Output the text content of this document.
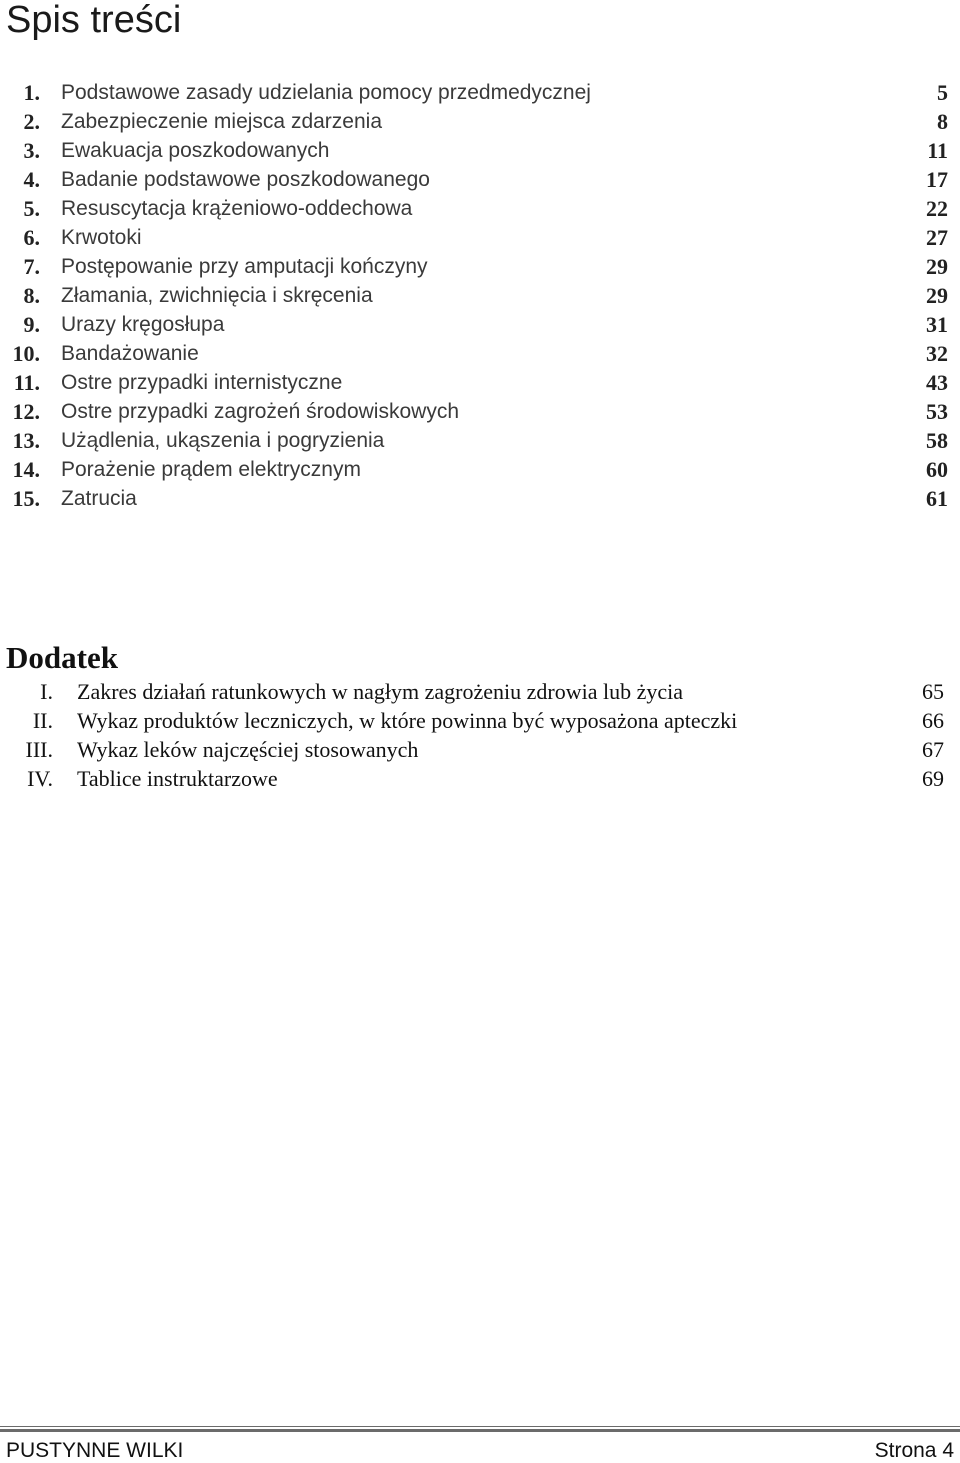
Spis treści
1. Podstawowe zasady udzielania pomocy przedmedycznej	5
2. Zabezpieczenie miejsca zdarzenia	8
3. Ewakuacja poszkodowanych	11
4. Badanie podstawowe poszkodowanego	17
5. Resuscytacja krążeniowo-oddechowa	22
6. Krwotoki	27
7. Postępowanie przy amputacji kończyny	29
8. Złamania, zwichnięcia i skręcenia	29
9. Urazy kręgosłupa	31
10. Bandażowanie	32
11. Ostre przypadki internistyczne	43
12. Ostre przypadki zagrożeń środowiskowych	53
13. Użądlenia, ukąszenia i pogryzienia	58
14. Porażenie prądem elektrycznym	60
15. Zatrucia	61
Dodatek
I. Zakres działań ratunkowych w nagłym zagrożeniu zdrowia lub życia	65
II. Wykaz produktów leczniczych, w które powinna być wyposażona apteczki	66
III. Wykaz leków najczęściej stosowanych	67
IV. Tablice instruktarzowe	69
PUSTYNNE WILKI	Strona 4
